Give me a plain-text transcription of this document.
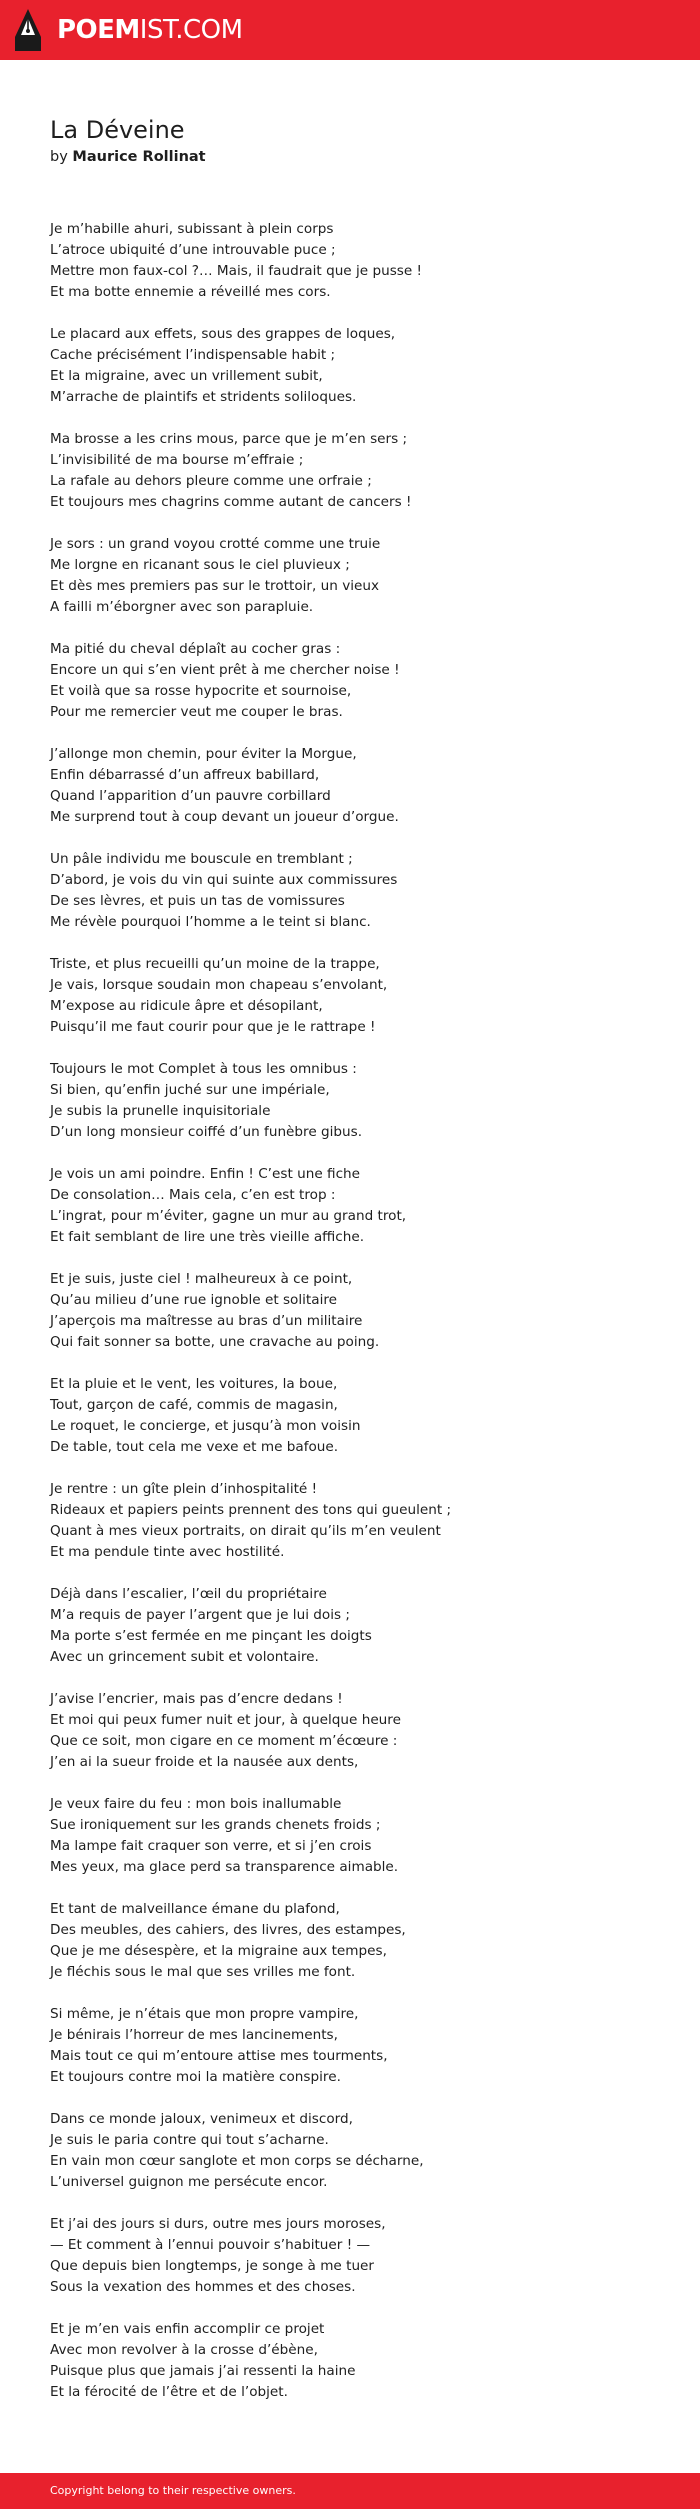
POEMIST.COM
La Déveine
by Maurice Rollinat
Je m’habille ahuri, subissant à plein corps
L’atroce ubiquité d’une introuvable puce ;
Mettre mon faux-col ?… Mais, il faudrait que je pusse !
Et ma botte ennemie a réveillé mes cors.
Le placard aux effets, sous des grappes de loques,
Cache précisément l’indispensable habit ;
Et la migraine, avec un vrillement subit,
M’arrache de plaintifs et stridents soliloques.
Ma brosse a les crins mous, parce que je m’en sers ;
L’invisibilité de ma bourse m’effraie ;
La rafale au dehors pleure comme une orfraie ;
Et toujours mes chagrins comme autant de cancers !
Je sors : un grand voyou crotté comme une truie
Me lorgne en ricanant sous le ciel pluvieux ;
Et dès mes premiers pas sur le trottoir, un vieux
A failli m’éborgner avec son parapluie.
Ma pitié du cheval déplaît au cocher gras :
Encore un qui s’en vient prêt à me chercher noise !
Et voilà que sa rosse hypocrite et sournoise,
Pour me remercier veut me couper le bras.
J’allonge mon chemin, pour éviter la Morgue,
Enfin débarrassé d’un affreux babillard,
Quand l’apparition d’un pauvre corbillard
Me surprend tout à coup devant un joueur d’orgue.
Un pâle individu me bouscule en tremblant ;
D’abord, je vois du vin qui suinte aux commissures
De ses lèvres, et puis un tas de vomissures
Me révèle pourquoi l’homme a le teint si blanc.
Triste, et plus recueilli qu’un moine de la trappe,
Je vais, lorsque soudain mon chapeau s’envolant,
M’expose au ridicule âpre et désopilant,
Puisqu’il me faut courir pour que je le rattrape !
Toujours le mot Complet à tous les omnibus :
Si bien, qu’enfin juché sur une impériale,
Je subis la prunelle inquisitoriale
D’un long monsieur coiffé d’un funèbre gibus.
Je vois un ami poindre. Enfin ! C’est une fiche
De consolation… Mais cela, c’en est trop :
L’ingrat, pour m’éviter, gagne un mur au grand trot,
Et fait semblant de lire une très vieille affiche.
Et je suis, juste ciel ! malheureux à ce point,
Qu’au milieu d’une rue ignoble et solitaire
J’aperçois ma maîtresse au bras d’un militaire
Qui fait sonner sa botte, une cravache au poing.
Et la pluie et le vent, les voitures, la boue,
Tout, garçon de café, commis de magasin,
Le roquet, le concierge, et jusqu’à mon voisin
De table, tout cela me vexe et me bafoue.
Je rentre : un gîte plein d’inhospitalité !
Rideaux et papiers peints prennent des tons qui gueulent ;
Quant à mes vieux portraits, on dirait qu’ils m’en veulent
Et ma pendule tinte avec hostilité.
Déjà dans l’escalier, l’œil du propriétaire
M’a requis de payer l’argent que je lui dois ;
Ma porte s’est fermée en me pinçant les doigts
Avec un grincement subit et volontaire.
J’avise l’encrier, mais pas d’encre dedans !
Et moi qui peux fumer nuit et jour, à quelque heure
Que ce soit, mon cigare en ce moment m’écœure :
J’en ai la sueur froide et la nausée aux dents,
Je veux faire du feu : mon bois inallumable
Sue ironiquement sur les grands chenets froids ;
Ma lampe fait craquer son verre, et si j’en crois
Mes yeux, ma glace perd sa transparence aimable.
Et tant de malveillance émane du plafond,
Des meubles, des cahiers, des livres, des estampes,
Que je me désespère, et la migraine aux tempes,
Je fléchis sous le mal que ses vrilles me font.
Si même, je n’étais que mon propre vampire,
Je bénirais l’horreur de mes lancinements,
Mais tout ce qui m’entoure attise mes tourments,
Et toujours contre moi la matière conspire.
Dans ce monde jaloux, venimeux et discord,
Je suis le paria contre qui tout s’acharne.
En vain mon cœur sanglote et mon corps se décharne,
L’universel guignon me persécute encor.
Et j’ai des jours si durs, outre mes jours moroses,
— Et comment à l’ennui pouvoir s’habituer ! —
Que depuis bien longtemps, je songe à me tuer
Sous la vexation des hommes et des choses.
Et je m’en vais enfin accomplir ce projet
Avec mon revolver à la crosse d’ébène,
Puisque plus que jamais j’ai ressenti la haine
Et la férocité de l’être et de l’objet.
Copyright belong to their respective owners.
